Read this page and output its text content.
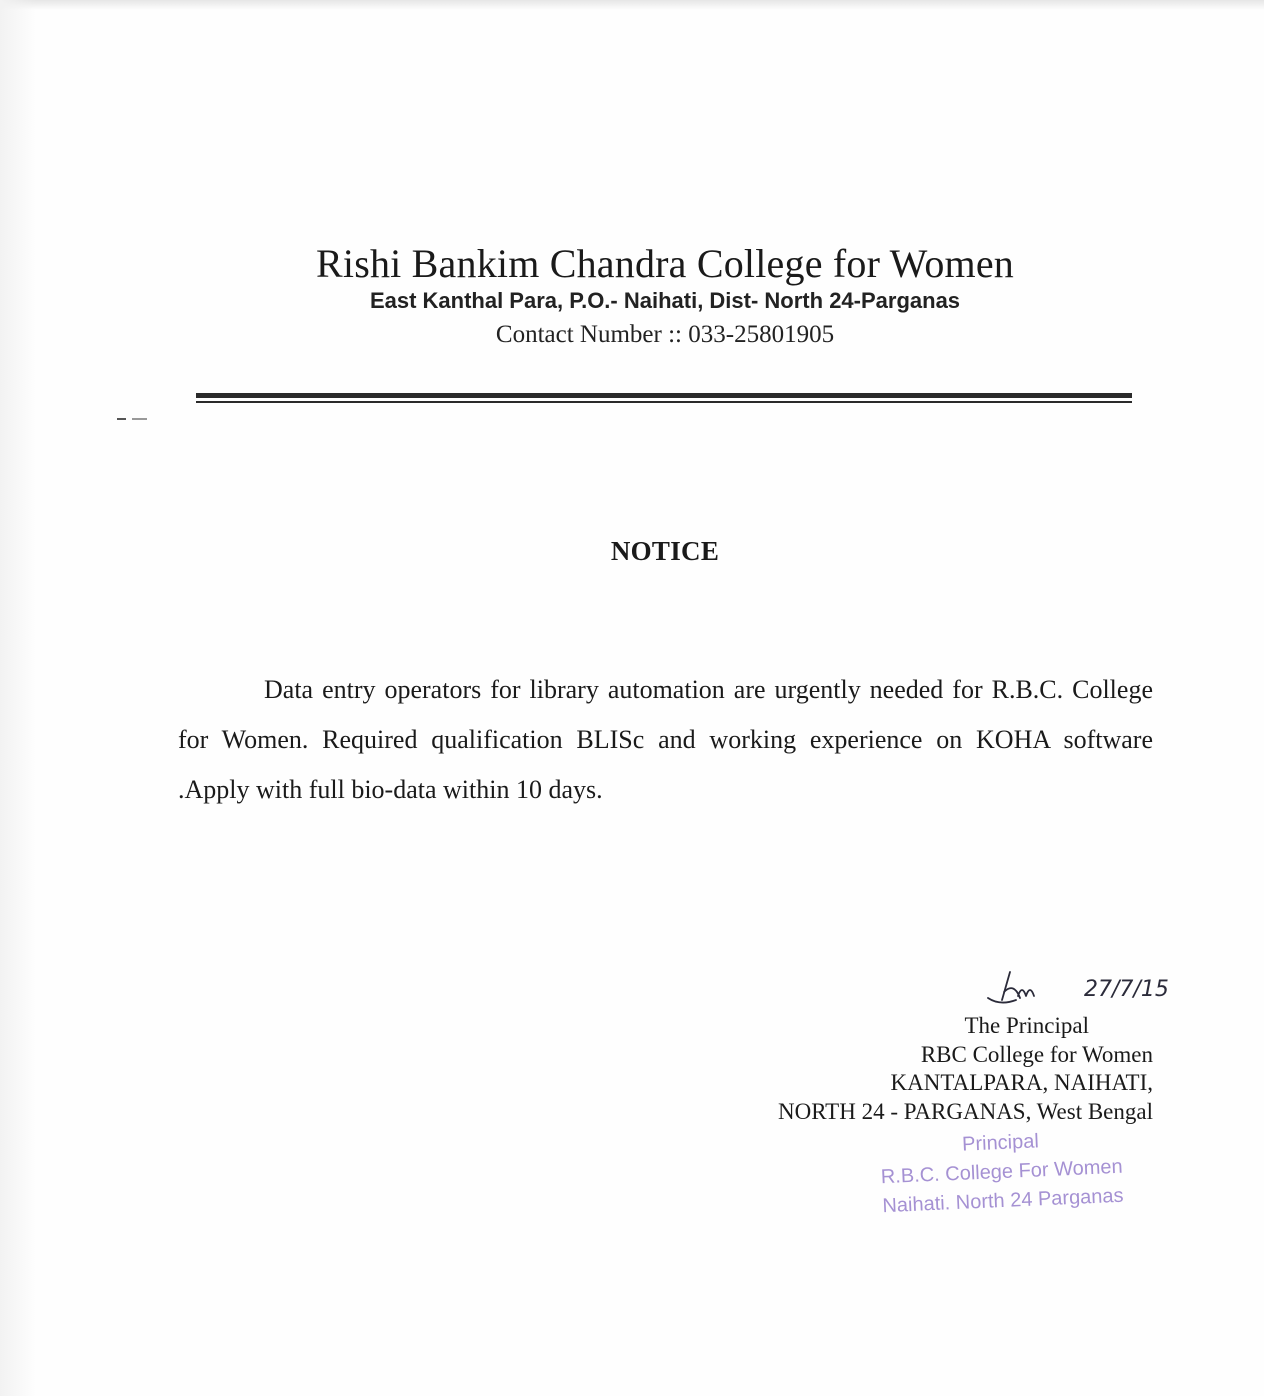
Rishi Bankim Chandra College for Women
East Kanthal Para, P.O.- Naihati, Dist- North 24-Parganas
Contact Number :: 033-25801905
NOTICE

Data entry operators for library automation are urgently needed for R.B.C. College for Women. Required qualification BLISc and working experience on KOHA software .Apply with full bio-data within 10 days.

27/7/15
The Principal
RBC College for Women
KANTALPARA, NAIHATI,
NORTH 24 - PARGANAS, West Bengal
Principal
R.B.C. College For Women
Naihati. North 24 Parganas
